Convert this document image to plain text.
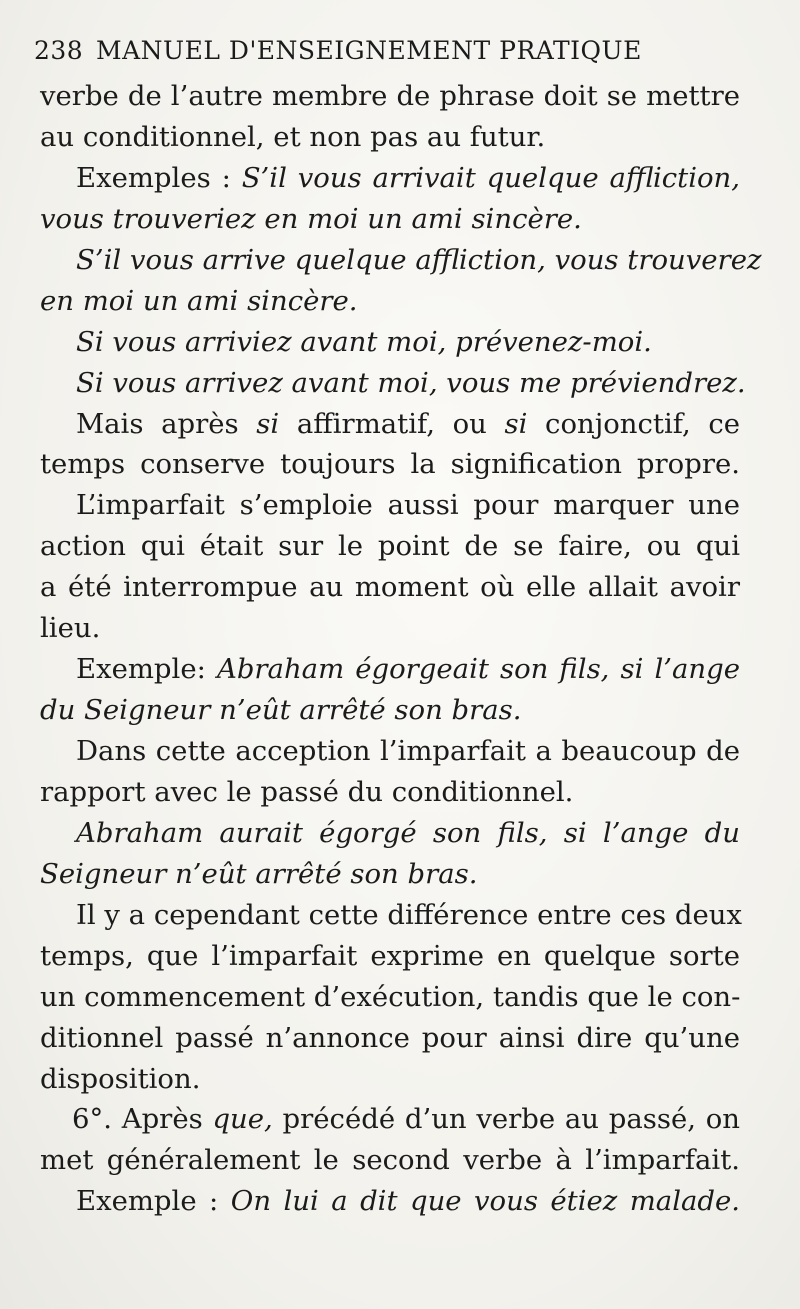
238 MANUEL D'ENSEIGNEMENT PRATIQUE
verbe de l’autre membre de phrase doit se mettre
au conditionnel, et non pas au futur.
Exemples : S’il vous arrivait quelque affliction,
vous trouveriez en moi un ami sincère.
S’il vous arrive quelque affliction, vous trouverez
en moi un ami sincère.
Si vous arriviez avant moi, prévenez-moi.
Si vous arrivez avant moi, vous me préviendrez.
Mais après si affirmatif, ou si conjonctif, ce
temps conserve toujours la signification propre.
L’imparfait s’emploie aussi pour marquer une
action qui était sur le point de se faire, ou qui
a été interrompue au moment où elle allait avoir
lieu.
Exemple: Abraham égorgeait son fils, si l’ange
du Seigneur n’eût arrêté son bras.
Dans cette acception l’imparfait a beaucoup de
rapport avec le passé du conditionnel.
Abraham aurait égorgé son fils, si l’ange du
Seigneur n’eût arrêté son bras.
Il y a cependant cette différence entre ces deux
temps, que l’imparfait exprime en quelque sorte
un commencement d’exécution, tandis que le con-
ditionnel passé n’annonce pour ainsi dire qu’une
disposition.
6°. Après que, précédé d’un verbe au passé, on
met généralement le second verbe à l’imparfait.
Exemple : On lui a dit que vous étiez malade.
